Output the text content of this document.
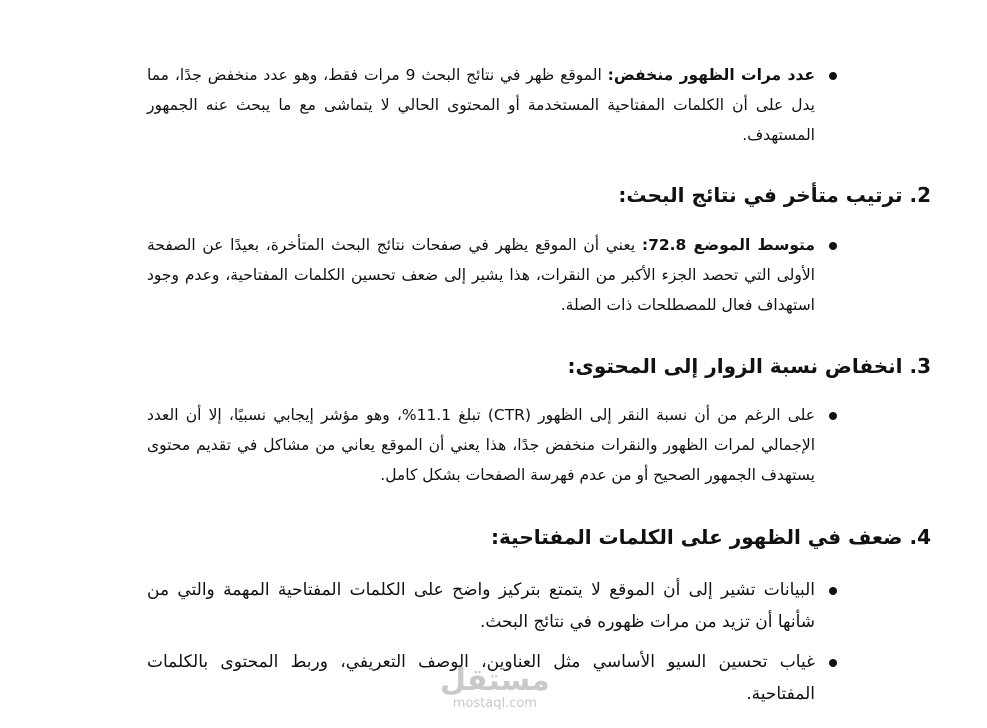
عدد مرات الظهور منخفض: الموقع ظهر في نتائج البحث 9 مرات فقط، وهو عدد منخفض جدًا، مما يدل على أن الكلمات المفتاحية المستخدمة أو المحتوى الحالي لا يتماشى مع ما يبحث عنه الجمهور المستهدف.
2. ترتيب متأخر في نتائج البحث:
متوسط الموضع 72.8: يعني أن الموقع يظهر في صفحات نتائج البحث المتأخرة، بعيدًا عن الصفحة الأولى التي تحصد الجزء الأكبر من النقرات، هذا يشير إلى ضعف تحسين الكلمات المفتاحية، وعدم وجود استهداف فعال للمصطلحات ذات الصلة.
3. انخفاض نسبة الزوار إلى المحتوى:
على الرغم من أن نسبة النقر إلى الظهور (CTR) تبلغ 11.1%، وهو مؤشر إيجابي نسبيًا، إلا أن العدد الإجمالي لمرات الظهور والنقرات منخفض جدًا، هذا يعني أن الموقع يعاني من مشاكل في تقديم محتوى يستهدف الجمهور الصحيح أو من عدم فهرسة الصفحات بشكل كامل.
4. ضعف في الظهور على الكلمات المفتاحية:
البيانات تشير إلى أن الموقع لا يتمتع بتركيز واضح على الكلمات المفتاحية المهمة والتي من شأنها أن تزيد من مرات ظهوره في نتائج البحث.
غياب تحسين السيو الأساسي مثل العناوين، الوصف التعريفي، وربط المحتوى بالكلمات المفتاحية.
مستقل
mostaql.com
